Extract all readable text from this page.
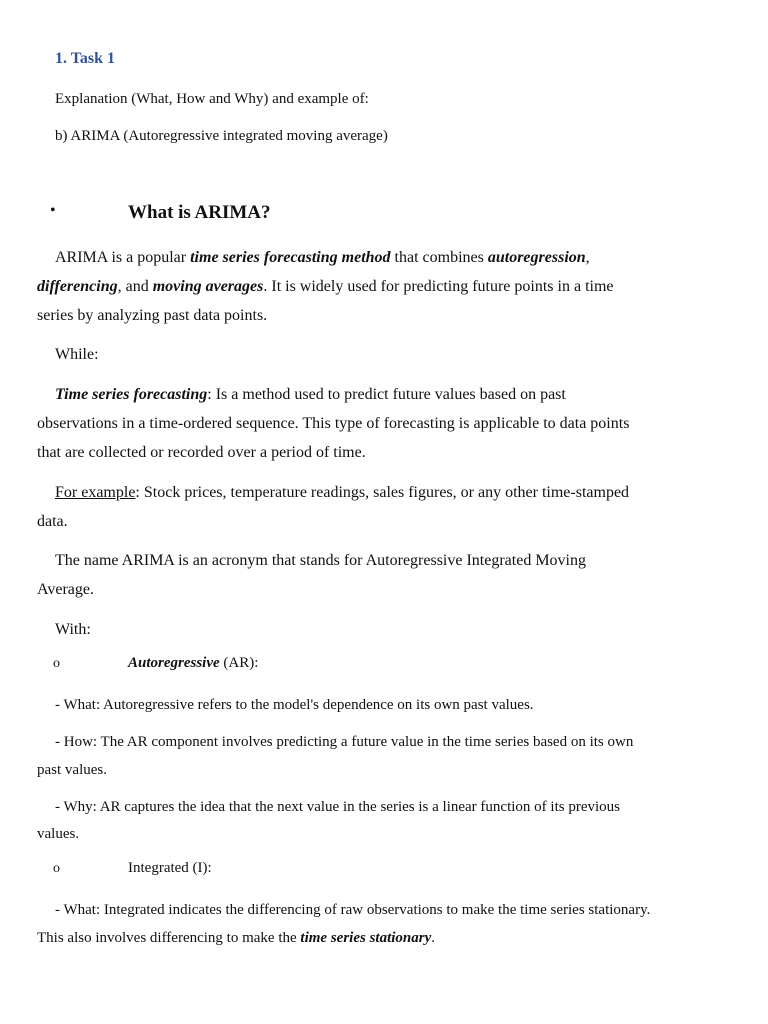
1. Task 1
Explanation (What, How and Why) and example of:
b) ARIMA (Autoregressive integrated moving average)
•	What is ARIMA?
ARIMA is a popular time series forecasting method that combines autoregression,
differencing, and moving averages. It is widely used for predicting future points in a time
series by analyzing past data points.
While:
Time series forecasting: Is a method used to predict future values based on past
observations in a time-ordered sequence. This type of forecasting is applicable to data points
that are collected or recorded over a period of time.
For example: Stock prices, temperature readings, sales figures, or any other time-stamped
data.
The name ARIMA is an acronym that stands for Autoregressive Integrated Moving
Average.
With:
o	Autoregressive (AR):
- What: Autoregressive refers to the model's dependence on its own past values.
- How: The AR component involves predicting a future value in the time series based on its own
past values.
- Why: AR captures the idea that the next value in the series is a linear function of its previous
values.
o	Integrated (I):
- What: Integrated indicates the differencing of raw observations to make the time series stationary.
This also involves differencing to make the time series stationary.
